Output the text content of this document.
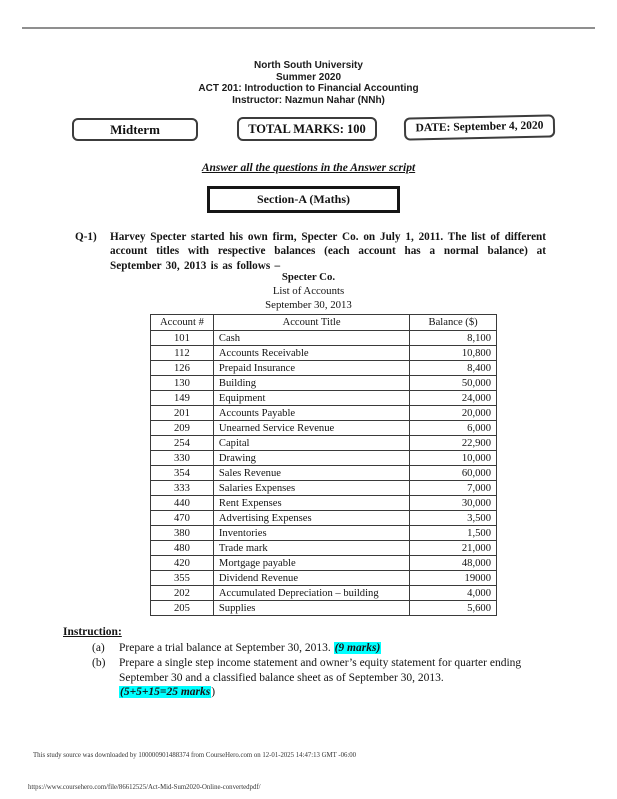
North South University
Summer 2020
ACT 201: Introduction to Financial Accounting
Instructor: Nazmun Nahar (NNh)
Midterm	TOTAL MARKS: 100	DATE: September 4, 2020
Answer all the questions in the Answer script
Section-A (Maths)
Q-1)	Harvey Specter started his own firm, Specter Co. on July 1, 2011. The list of different account titles with respective balances (each account has a normal balance) at September 30, 2013 is as follows –

Specter Co.
List of Accounts
September 30, 2013
Account #	Account Title	Balance ($)
101	Cash	8,100
112	Accounts Receivable	10,800
126	Prepaid Insurance	8,400
130	Building	50,000
149	Equipment	24,000
201	Accounts Payable	20,000
209	Unearned Service Revenue	6,000
254	Capital	22,900
330	Drawing	10,000
354	Sales Revenue	60,000
333	Salaries Expenses	7,000
440	Rent Expenses	30,000
470	Advertising Expenses	3,500
380	Inventories	1,500
480	Trade mark	21,000
420	Mortgage payable	48,000
355	Dividend Revenue	19000
202	Accumulated Depreciation – building	4,000
205	Supplies	5,600
Instruction:
(a)	Prepare a trial balance at September 30, 2013. (9 marks)
(b)	Prepare a single step income statement and owner’s equity statement for quarter ending September 30 and a classified balance sheet as of September 30, 2013.
(5+5+15=25 marks)
This study source was downloaded by 100000901488374 from CourseHero.com on 12-01-2025 14:47:13 GMT -06:00
https://www.coursehero.com/file/86612525/Act-Mid-Sum2020-Online-convertedpdf/
